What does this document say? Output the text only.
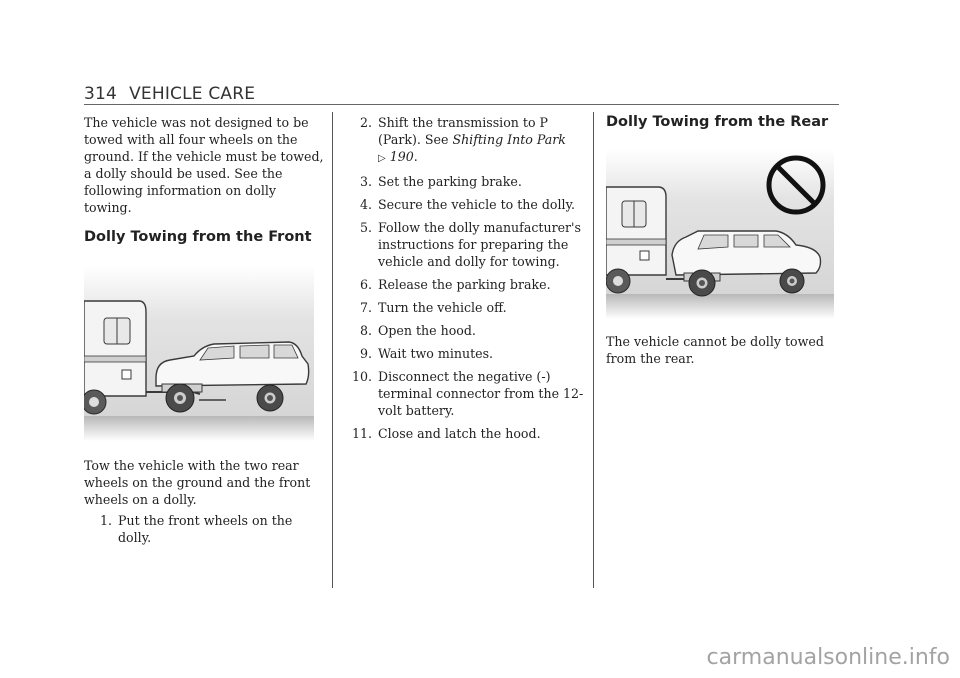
314 VEHICLE CARE

The vehicle was not designed to be towed with all four wheels on the ground. If the vehicle must be towed, a dolly should be used. See the following information on dolly towing.

Dolly Towing from the Front

Tow the vehicle with the two rear wheels on the ground and the front wheels on a dolly.

1. Put the front wheels on the dolly.
2. Shift the transmission to P (Park). See Shifting Into Park
▷ 190.
3. Set the parking brake.
4. Secure the vehicle to the dolly.
5. Follow the dolly manufacturer's instructions for preparing the vehicle and dolly for towing.
6. Release the parking brake.
7. Turn the vehicle off.
8. Open the hood.
9. Wait two minutes.
10. Disconnect the negative (-) terminal connector from the 12-volt battery.
11. Close and latch the hood.
Dolly Towing from the Rear

The vehicle cannot be dolly towed from the rear.

carmanualsonline.info
